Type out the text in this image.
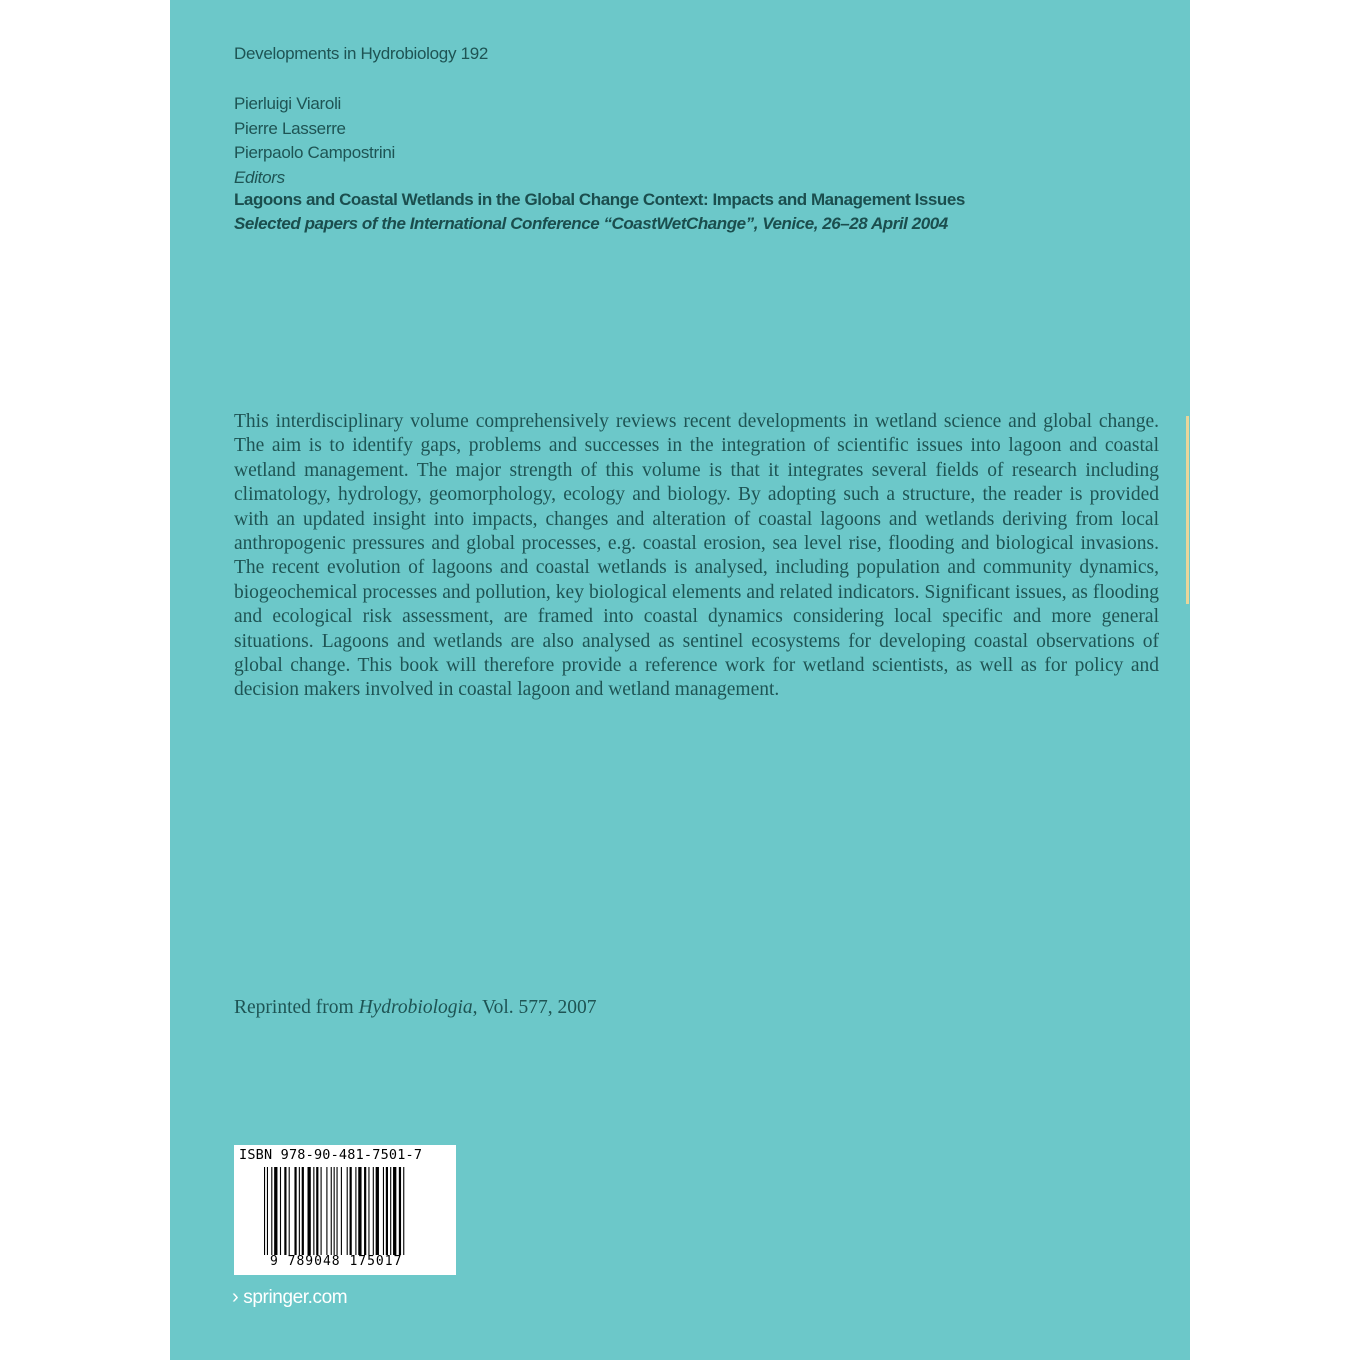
Developments in Hydrobiology 192
Pierluigi Viaroli
Pierre Lasserre
Pierpaolo Campostrini
Editors
Lagoons and Coastal Wetlands in the Global Change Context: Impacts and Management Issues
Selected papers of the International Conference “CoastWetChange”, Venice, 26–28 April 2004

This interdisciplinary volume comprehensively reviews recent developments in wetland science and global change. The aim is to identify gaps, problems and successes in the integration of scientific issues into lagoon and coastal wetland management. The major strength of this volume is that it integrates several fields of research including climatology, hydrology, geomorphology, ecology and biology. By adopting such a structure, the reader is provided with an updated insight into impacts, changes and alteration of coastal lagoons and wetlands deriving from local anthropogenic pressures and global processes, e.g. coastal erosion, sea level rise, flooding and biological invasions. The recent evolution of lagoons and coastal wetlands is analysed, including population and community dynamics, biogeochemical processes and pollution, key biological elements and related indicators. Significant issues, as flooding and ecological risk assessment, are framed into coastal dynamics considering local specific and more general situations. Lagoons and wetlands are also analysed as sentinel ecosystems for developing coastal observations of global change. This book will therefore provide a reference work for wetland scientists, as well as for policy and decision makers involved in coastal lagoon and wetland management.

Reprinted from Hydrobiologia, Vol. 577, 2007
ISBN 978-90-481-7501-7
9 789048 175017
› springer.com
